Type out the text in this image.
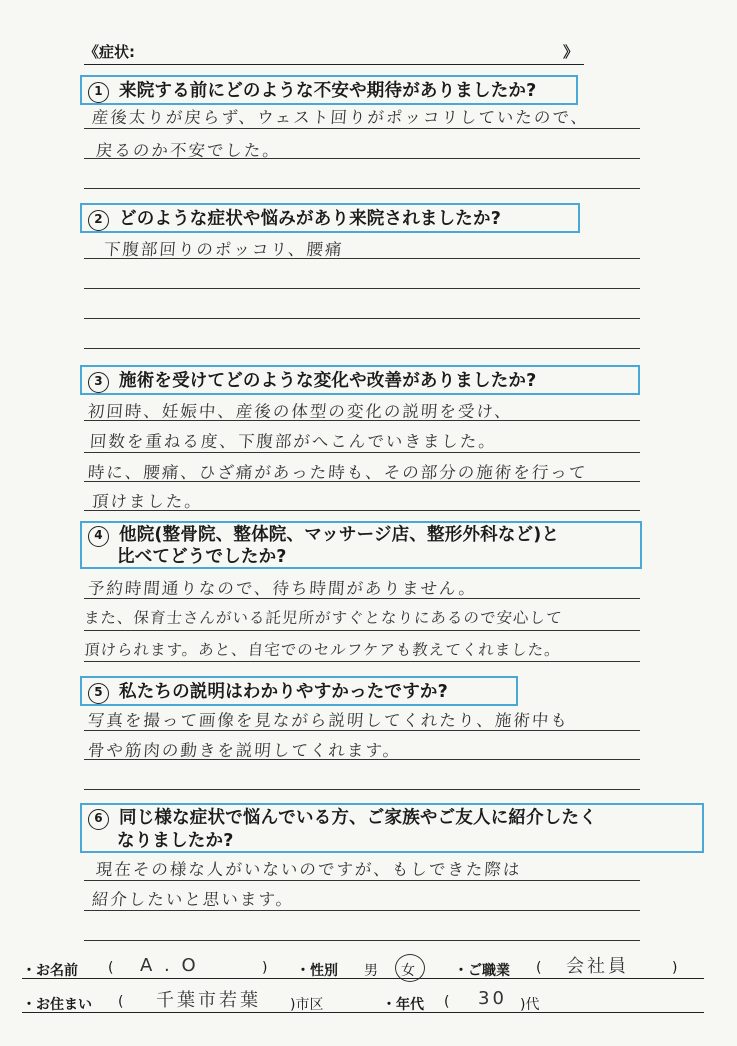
《症状:	》
1 来院する前にどのような不安や期待がありましたか?
産後太りが戻らず、ウェスト回りがポッコリしていたので、
戻るのか不安でした。
2 どのような症状や悩みがあり来院されましたか?
下腹部回りのポッコリ、腰痛
3 施術を受けてどのような変化や改善がありましたか?
初回時、妊娠中、産後の体型の変化の説明を受け、
回数を重ねる度、下腹部がへこんでいきました。
時に、腰痛、ひざ痛があった時も、その部分の施術を行って
頂けました。
4 他院(整骨院、整体院、マッサージ店、整形外科など)と
比べてどうでしたか?
予約時間通りなので、待ち時間がありません。
また、保育士さんがいる託児所がすぐとなりにあるので安心して
頂けられます。あと、自宅でのセルフケアも教えてくれました。
5 私たちの説明はわかりやすかったですか?
写真を撮って画像を見ながら説明してくれたり、施術中も
骨や筋肉の動きを説明してくれます。
6 同じ様な症状で悩んでいる方、ご家族やご友人に紹介したく
なりましたか?
現在その様な人がいないのですが、もしできた際は
紹介したいと思います。
・お名前 ( A . O	) ・性別 男 女	・ご職業 ( 会社員	)
・お住まい ( 千葉市若葉 )市区	・年代 ( 30 )代
